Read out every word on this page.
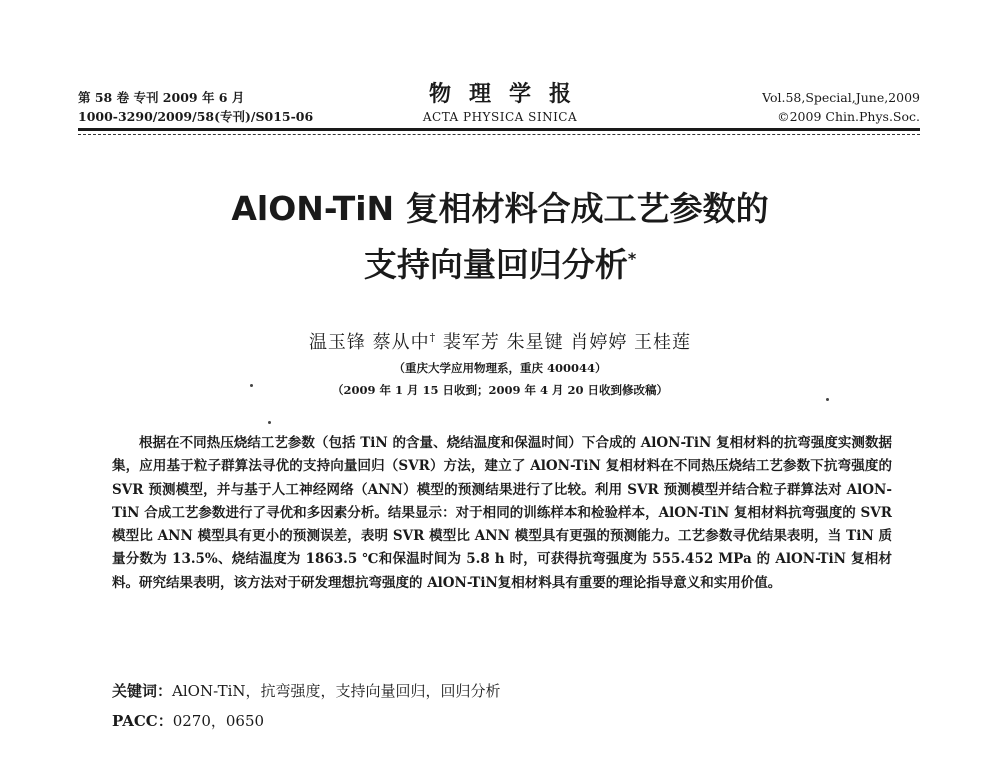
第 58 卷 专刊 2009 年 6 月
1000-3290/2009/58(专刊)/S015-06
物理学报
ACTA PHYSICA SINICA
Vol.58,Special,June,2009
©2009 Chin.Phys.Soc.
AlON-TiN 复相材料合成工艺参数的
支持向量回归分析*
温玉锋 蔡从中† 裴军芳 朱星键 肖婷婷 王桂莲
（重庆大学应用物理系，重庆 400044）
（2009 年 1 月 15 日收到；2009 年 4 月 20 日收到修改稿）
根据在不同热压烧结工艺参数（包括 TiN 的含量、烧结温度和保温时间）下合成的 AlON-TiN 复相材料的抗弯强度实测数据集，应用基于粒子群算法寻优的支持向量回归（SVR）方法，建立了 AlON-TiN 复相材料在不同热压烧结工艺参数下抗弯强度的 SVR 预测模型，并与基于人工神经网络（ANN）模型的预测结果进行了比较。利用 SVR 预测模型并结合粒子群算法对 AlON-TiN 合成工艺参数进行了寻优和多因素分析。结果显示：对于相同的训练样本和检验样本，AlON-TiN 复相材料抗弯强度的 SVR 模型比 ANN 模型具有更小的预测误差，表明 SVR 模型比 ANN 模型具有更强的预测能力。工艺参数寻优结果表明，当 TiN 质量分数为 13.5%、烧结温度为 1863.5 ℃和保温时间为 5.8 h 时，可获得抗弯强度为 555.452 MPa 的 AlON-TiN 复相材料。研究结果表明，该方法对于研发理想抗弯强度的 AlON-TiN复相材料具有重要的理论指导意义和实用价值。
关键词：AlON-TiN，抗弯强度，支持向量回归，回归分析
PACC：0270，0650
